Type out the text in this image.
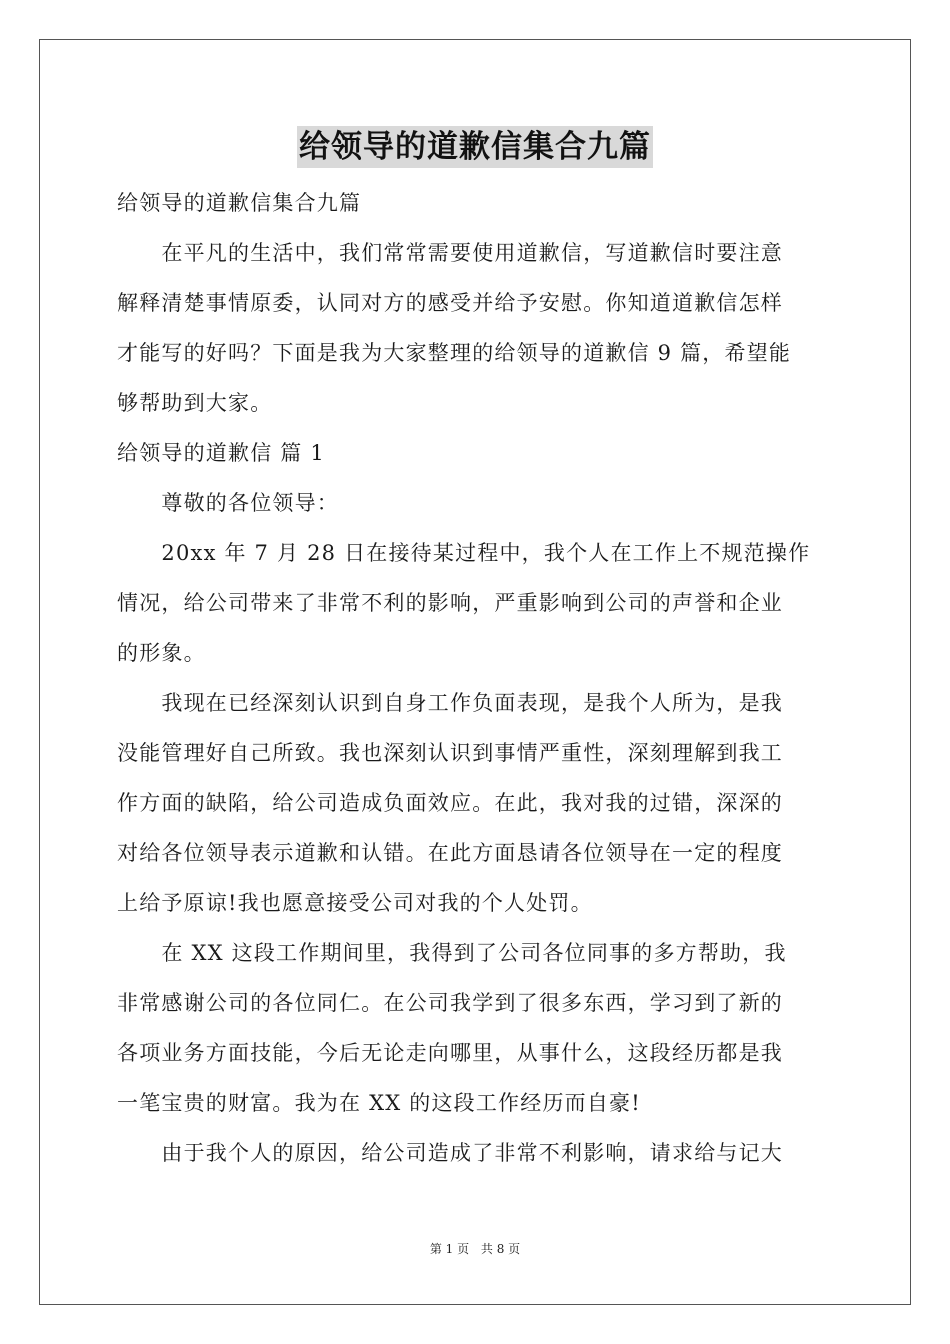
给领导的道歉信集合九篇
给领导的道歉信集合九篇
　　在平凡的生活中，我们常常需要使用道歉信，写道歉信时要注意
解释清楚事情原委，认同对方的感受并给予安慰。你知道道歉信怎样
才能写的好吗？下面是我为大家整理的给领导的道歉信 9 篇，希望能
够帮助到大家。
给领导的道歉信 篇 1
　　尊敬的各位领导：
　　20xx 年 7 月 28 日在接待某过程中，我个人在工作上不规范操作
情况，给公司带来了非常不利的影响，严重影响到公司的声誉和企业
的形象。
　　我现在已经深刻认识到自身工作负面表现，是我个人所为，是我
没能管理好自己所致。我也深刻认识到事情严重性，深刻理解到我工
作方面的缺陷，给公司造成负面效应。在此，我对我的过错，深深的
对给各位领导表示道歉和认错。在此方面恳请各位领导在一定的程度
上给予原谅!我也愿意接受公司对我的个人处罚。
　　在 XX 这段工作期间里，我得到了公司各位同事的多方帮助，我
非常感谢公司的各位同仁。在公司我学到了很多东西，学习到了新的
各项业务方面技能，今后无论走向哪里，从事什么，这段经历都是我
一笔宝贵的财富。我为在 XX 的这段工作经历而自豪!
　　由于我个人的原因，给公司造成了非常不利影响，请求给与记大
第 1 页 共 8 页
